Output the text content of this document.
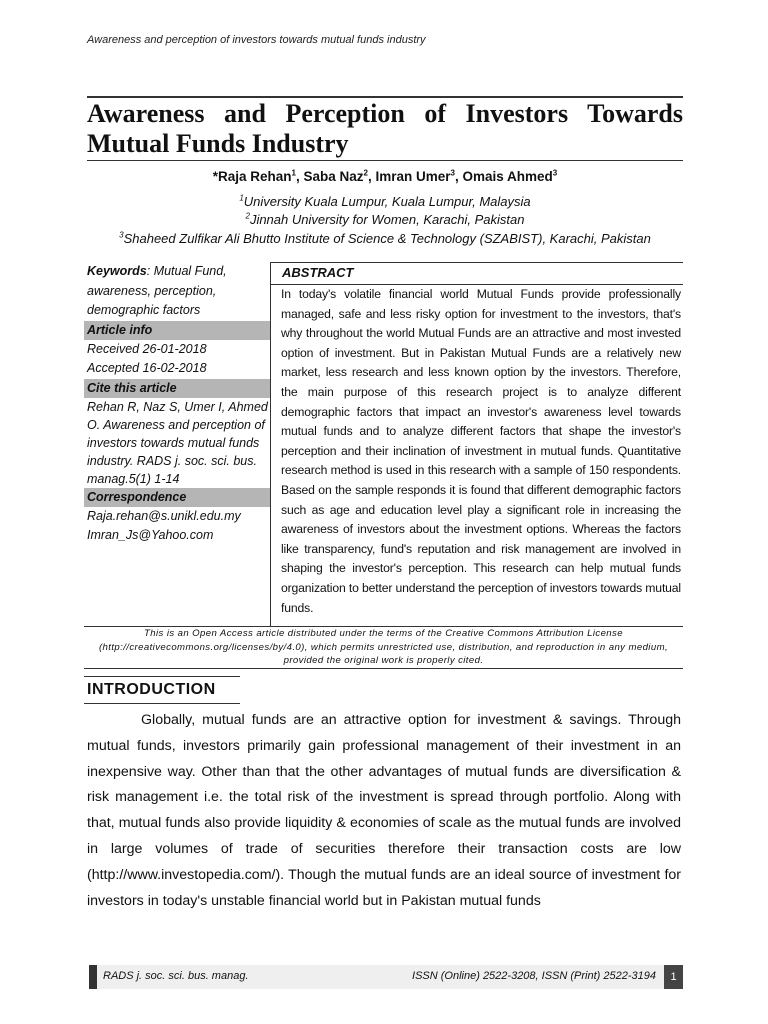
Awareness and perception of investors towards mutual funds industry
Awareness and Perception of Investors Towards Mutual Funds Industry
*Raja Rehan$^1$, Saba Naz$^2$, Imran Umer$^3$, Omais Ahmed$^3$
$^1$University Kuala Lumpur, Kuala Lumpur, Malaysia
$^2$Jinnah University for Women, Karachi, Pakistan
$^3$Shaheed Zulfikar Ali Bhutto Institute of Science & Technology (SZABIST), Karachi, Pakistan
Keywords: Mutual Fund, awareness, perception, demographic factors
Article info
Received 26-01-2018
Accepted 16-02-2018
Cite this article
Rehan R, Naz S, Umer I, Ahmed O. Awareness and perception of investors towards mutual funds industry. RADS j. soc. sci. bus. manag.5(1) 1-14
Correspondence
Raja.rehan@s.unikl.edu.my
Imran_Js@Yahoo.com
ABSTRACT
In today's volatile financial world Mutual Funds provide professionally managed, safe and less risky option for investment to the investors, that's why throughout the world Mutual Funds are an attractive and most invested option of investment. But in Pakistan Mutual Funds are a relatively new market, less research and less known option by the investors. Therefore, the main purpose of this research project is to analyze different demographic factors that impact an investor's awareness level towards mutual funds and to analyze different factors that shape the investor's perception and their inclination of investment in mutual funds. Quantitative research method is used in this research with a sample of 150 respondents. Based on the sample responds it is found that different demographic factors such as age and education level play a significant role in increasing the awareness of investors about the investment options. Whereas the factors like transparency, fund's reputation and risk management are involved in shaping the investor's perception. This research can help mutual funds organization to better understand the perception of investors towards mutual funds.
This is an Open Access article distributed under the terms of the Creative Commons Attribution License (http://creativecommons.org/licenses/by/4.0), which permits unrestricted use, distribution, and reproduction in any medium, provided the original work is properly cited.
INTRODUCTION

Globally, mutual funds are an attractive option for investment & savings. Through mutual funds, investors primarily gain professional management of their investment in an inexpensive way. Other than that the other advantages of mutual funds are diversification & risk management i.e. the total risk of the investment is spread through portfolio. Along with that, mutual funds also provide liquidity & economies of scale as the mutual funds are involved in large volumes of trade of securities therefore their transaction costs are low (http://www.investopedia.com/). Though the mutual funds are an ideal source of investment for investors in today's unstable financial world but in Pakistan mutual funds

RADS j. soc. sci. bus. manag.	ISSN (Online) 2522-3208, ISSN (Print) 2522-3194	1
